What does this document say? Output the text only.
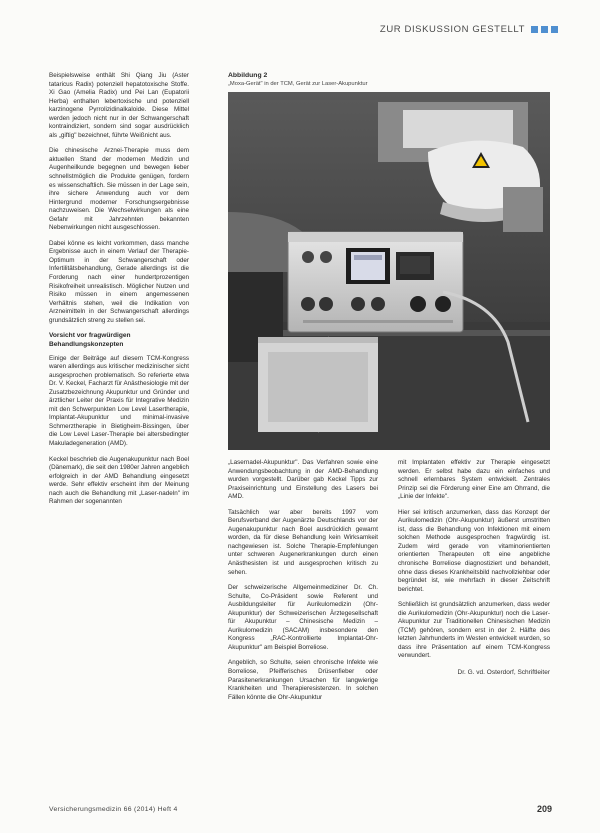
ZUR DISKUSSION GESTELLT

Beispielsweise enthält Shi Qiang Jiu (Aster tataricus Radix) potenziell hepatotoxische Stoffe. Xi Gao (Amelia Radix) und Pei Lan (Eupatorii Herba) enthalten lebertoxische und potenziell karzinogene Pyrrolizidinalkaloide. Diese Mittel werden jedoch nicht nur in der Schwangerschaft kontraindiziert, sondern sind sogar ausdrücklich als „giftig" bezeichnet, führte Weißnicht aus.

Die chinesische Arznei-Therapie muss dem aktuellen Stand der modernen Medizin und Augenheilkunde begegnen und bewegen lieber schnellstmöglich die Produkte genügen, fordern es wissenschaftlich. Sie müssen in der Lage sein, ihre sichere Anwendung auch vor dem Hintergrund moderner Forschungsergebnisse nachzuweisen. Die Wechselwirkungen als eine Gefahr mit Jahrzehnten bekannten Nebenwirkungen nicht ausgeschlossen.

Dabei könne es leicht vorkommen, dass manche Ergebnisse auch in einem Verlauf der Therapie-Optimum in der Schwangerschaft oder Infertilitätsbehandlung, Gerade allerdings ist die Forderung nach einer hundertprozentigen Risikofreiheit unrealistisch. Möglicher Nutzen und Risiko müssen in einem angemessenen Verhältnis stehen, weil die Indikation von Arzneimitteln in der Schwangerschaft allerdings grundsätzlich streng zu stellen sei.

Vorsicht vor fragwürdigen
Behandlungskonzepten

Einige der Beiträge auf diesem TCM-Kongress waren allerdings aus kritischer medizinischer sicht ausgesprochen problematisch. So referierte etwa Dr. V. Keckel, Facharzt für Anästhesiologie mit der Zusatzbezeichnung Akupunktur und Gründer und ärztlicher Leiter der Praxis für Integrative Medizin mit den Schwerpunkten Low Level Lasertherapie, Implantat-Akupunktur und minimal-invasive Schmerztherapie in Bietigheim-Bissingen, über die Low Level Laser-Therapie bei altersbedingter Makuladegeneration (AMD).

Keckel beschrieb die Augenakupunktur nach Boel (Dänemark), die seit den 1980er Jahren angeblich erfolgreich in der AMD Behandlung eingesetzt werde. Sehr effektiv erscheint ihm der Meinung nach auch die Behandlung mit „Laser-nadeln" im Rahmen der sogenannten

Abbildung 2
„Moxa-Gerät" in der TCM, Gerät zur Laser-Akupunktur

„Lasernadel-Akupunktur". Das Verfahren sowie eine Anwendungsbeobachtung in der AMD-Behandlung wurden vorgestellt. Darüber gab Keckel Tipps zur Praxiseinrichtung und Einstellung des Lasers bei AMD.

Tatsächlich war aber bereits 1997 vom Berufsverband der Augenärzte Deutschlands vor der Augenakupunktur nach Boel ausdrücklich gewarnt worden, da für diese Behandlung kein Wirksamkeit nachgewiesen ist. Solche Therapie-Empfehlungen unter schweren Augenerkrankungen durch einen Anästhesisten ist und ausgesprochen kritisch zu sehen.

Der schweizerische Allgemeinmediziner Dr. Ch. Schulte, Co-Präsident sowie Referent und Ausbildungsleiter für Aurikulomedizin (Ohr-Akupunktur) der Schweizerischen Ärztegesellschaft für Akupunktur – Chinesische Medizin – Aurikulomedizin (SACAM) insbesondere den Kongress „RAC-Kontrollierte Implantat-Ohr-Akupunktur" am Beispiel Borreliose.

Angeblich, so Schulte, seien chronische Infekte wie Borreliose, Pfeifferisches Drüsenfieber oder Parasitenerkrankungen Ursachen für langwierige Krankheiten und Therapieresistenzen. In solchen Fällen könnte die Ohr-Akupunktur

mit Implantaten effektiv zur Therapie eingesetzt werden. Er selbst habe dazu ein einfaches und schnell erlernbares System entwickelt. Zentrales Prinzip sei die Förderung einer Eine am Ohrrand, die „Linie der Infekte".

Hier sei kritisch anzumerken, dass das Konzept der Aurikulomedizin (Ohr-Akupunktur) äußerst umstritten ist, dass die Behandlung von Infektionen mit einem solchen Methode ausgesprochen fragwürdig ist. Zudem wird gerade von vitaminorientierten orientierten Therapeuten oft eine angebliche chronische Borreliose diagnostiziert und behandelt, ohne dass dieses Krankheitsbild nachvollziehbar oder begründet ist, wie mehrfach in dieser Zeitschrift berichtet.

Schließlich ist grundsätzlich anzumerken, dass weder die Aurikulomedizin (Ohr-Akupunktur) noch die Laser-Akupunktur zur Traditionellen Chinesischen Medizin (TCM) gehören, sondern erst in der 2. Hälfte des letzten Jahrhunderts im Westen entwickelt wurden, so dass ihre Präsentation auf einem TCM-Kongress verwundert.

Dr. G. vd. Osterdorf, Schriftleiter
Versicherungsmedizin 66 (2014) Heft 4	209
